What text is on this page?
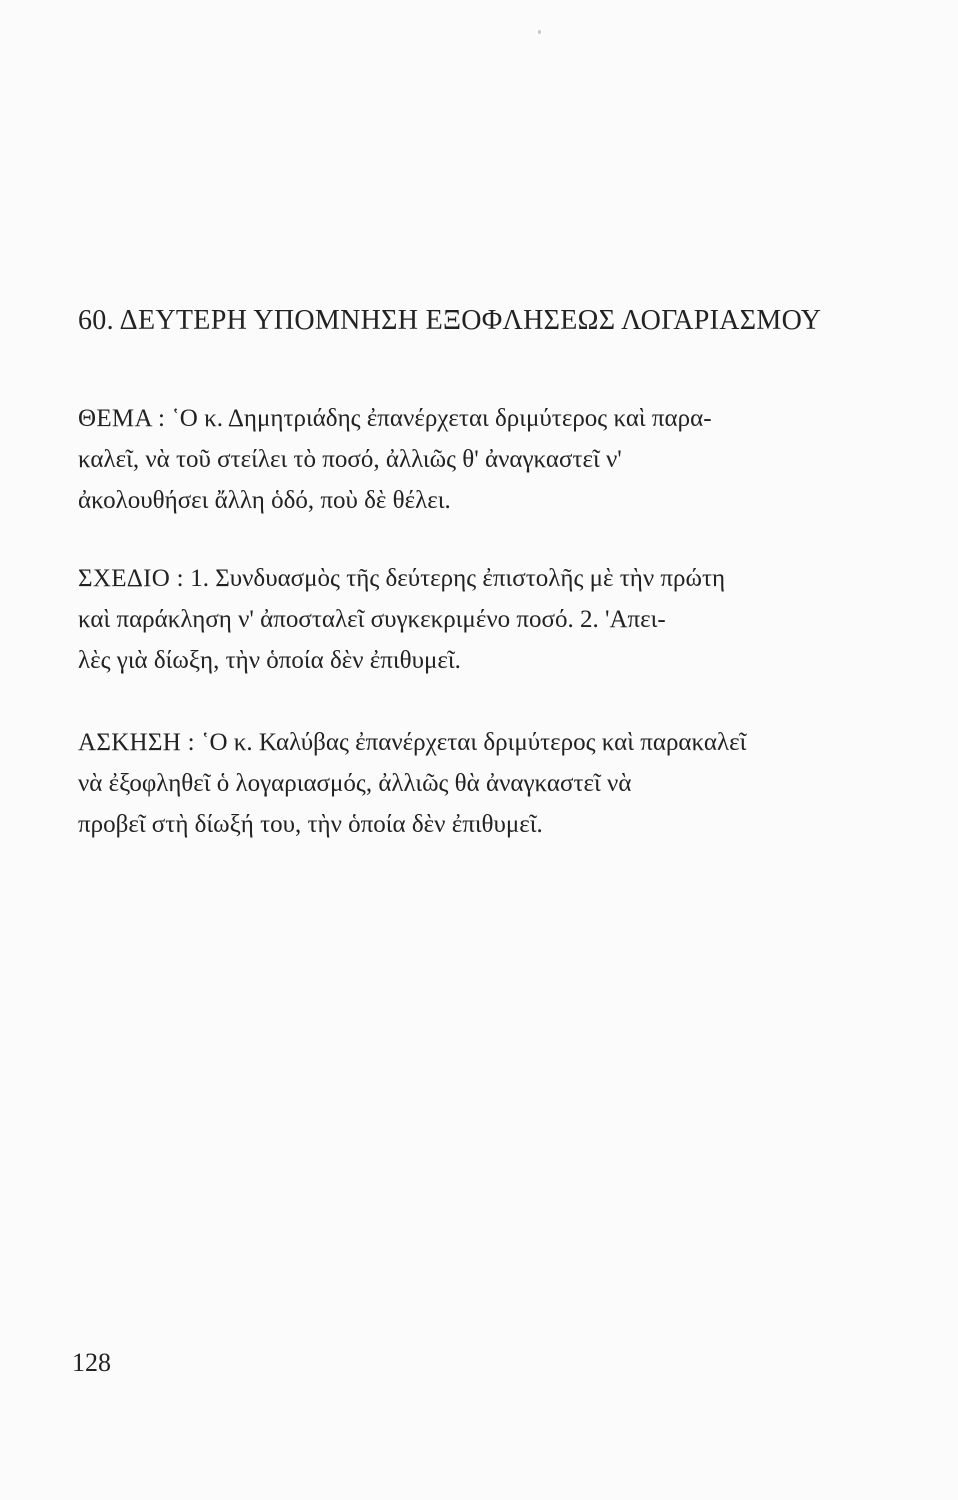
60. ΔΕΥΤΕΡΗ ΥΠΟΜΝΗΣΗ ΕΞΟΦΛΗΣΕΩΣ ΛΟΓΑΡΙΑΣΜΟΥ
ΘΕΜΑ : ῾Ο κ. Δημητριάδης ἐπανέρχεται δριμύτερος καὶ παρα-
καλεῖ, νὰ τοῦ στείλει τὸ ποσό, ἀλλιῶς θ' ἀναγκαστεῖ ν'
ἀκολουθήσει ἄλλη ὁδό, ποὺ δὲ θέλει.
ΣΧΕΔΙΟ : 1. Συνδυασμὸς τῆς δεύτερης ἐπιστολῆς μὲ τὴν πρώτη
καὶ παράκληση ν' ἀποσταλεῖ συγκεκριμένο ποσό. 2. 'Απει-
λὲς γιὰ δίωξη, τὴν ὁποία δὲν ἐπιθυμεῖ.
ΑΣΚΗΣΗ : ῾Ο κ. Καλύβας ἐπανέρχεται δριμύτερος καὶ παρακαλεῖ
νὰ ἐξοφληθεῖ ὁ λογαριασμός, ἀλλιῶς θὰ ἀναγκαστεῖ νὰ
προβεῖ στὴ δίωξή του, τὴν ὁποία δὲν ἐπιθυμεῖ.
128
